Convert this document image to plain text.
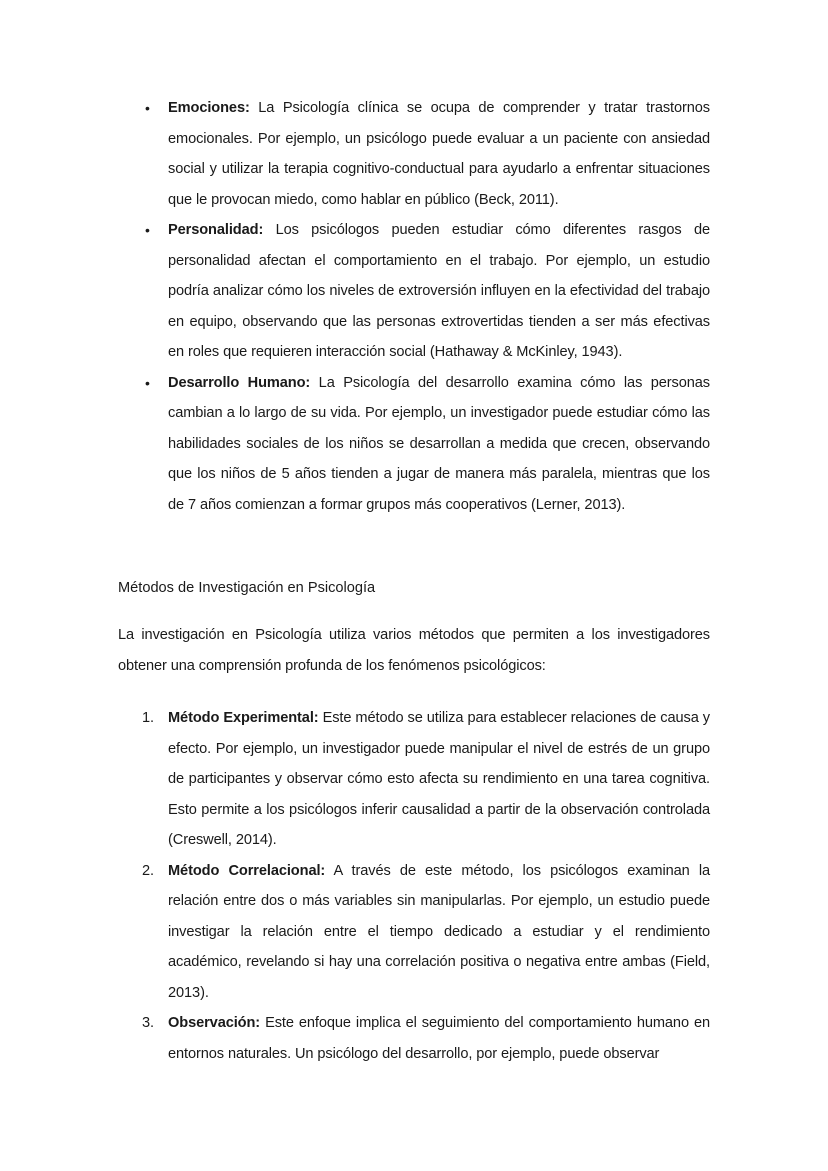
•	Emociones: La Psicología clínica se ocupa de comprender y tratar trastornos emocionales. Por ejemplo, un psicólogo puede evaluar a un paciente con ansiedad social y utilizar la terapia cognitivo-conductual para ayudarlo a enfrentar situaciones que le provocan miedo, como hablar en público (Beck, 2011).
•	Personalidad: Los psicólogos pueden estudiar cómo diferentes rasgos de personalidad afectan el comportamiento en el trabajo. Por ejemplo, un estudio podría analizar cómo los niveles de extroversión influyen en la efectividad del trabajo en equipo, observando que las personas extrovertidas tienden a ser más efectivas en roles que requieren interacción social (Hathaway & McKinley, 1943).
•	Desarrollo Humano: La Psicología del desarrollo examina cómo las personas cambian a lo largo de su vida. Por ejemplo, un investigador puede estudiar cómo las habilidades sociales de los niños se desarrollan a medida que crecen, observando que los niños de 5 años tienden a jugar de manera más paralela, mientras que los de 7 años comienzan a formar grupos más cooperativos (Lerner, 2013).
Métodos de Investigación en Psicología

La investigación en Psicología utiliza varios métodos que permiten a los investigadores obtener una comprensión profunda de los fenómenos psicológicos:

1. Método Experimental: Este método se utiliza para establecer relaciones de causa y efecto. Por ejemplo, un investigador puede manipular el nivel de estrés de un grupo de participantes y observar cómo esto afecta su rendimiento en una tarea cognitiva. Esto permite a los psicólogos inferir causalidad a partir de la observación controlada (Creswell, 2014).
2. Método Correlacional: A través de este método, los psicólogos examinan la relación entre dos o más variables sin manipularlas. Por ejemplo, un estudio puede investigar la relación entre el tiempo dedicado a estudiar y el rendimiento académico, revelando si hay una correlación positiva o negativa entre ambas (Field, 2013).
3. Observación: Este enfoque implica el seguimiento del comportamiento humano en entornos naturales. Un psicólogo del desarrollo, por ejemplo, puede observar
